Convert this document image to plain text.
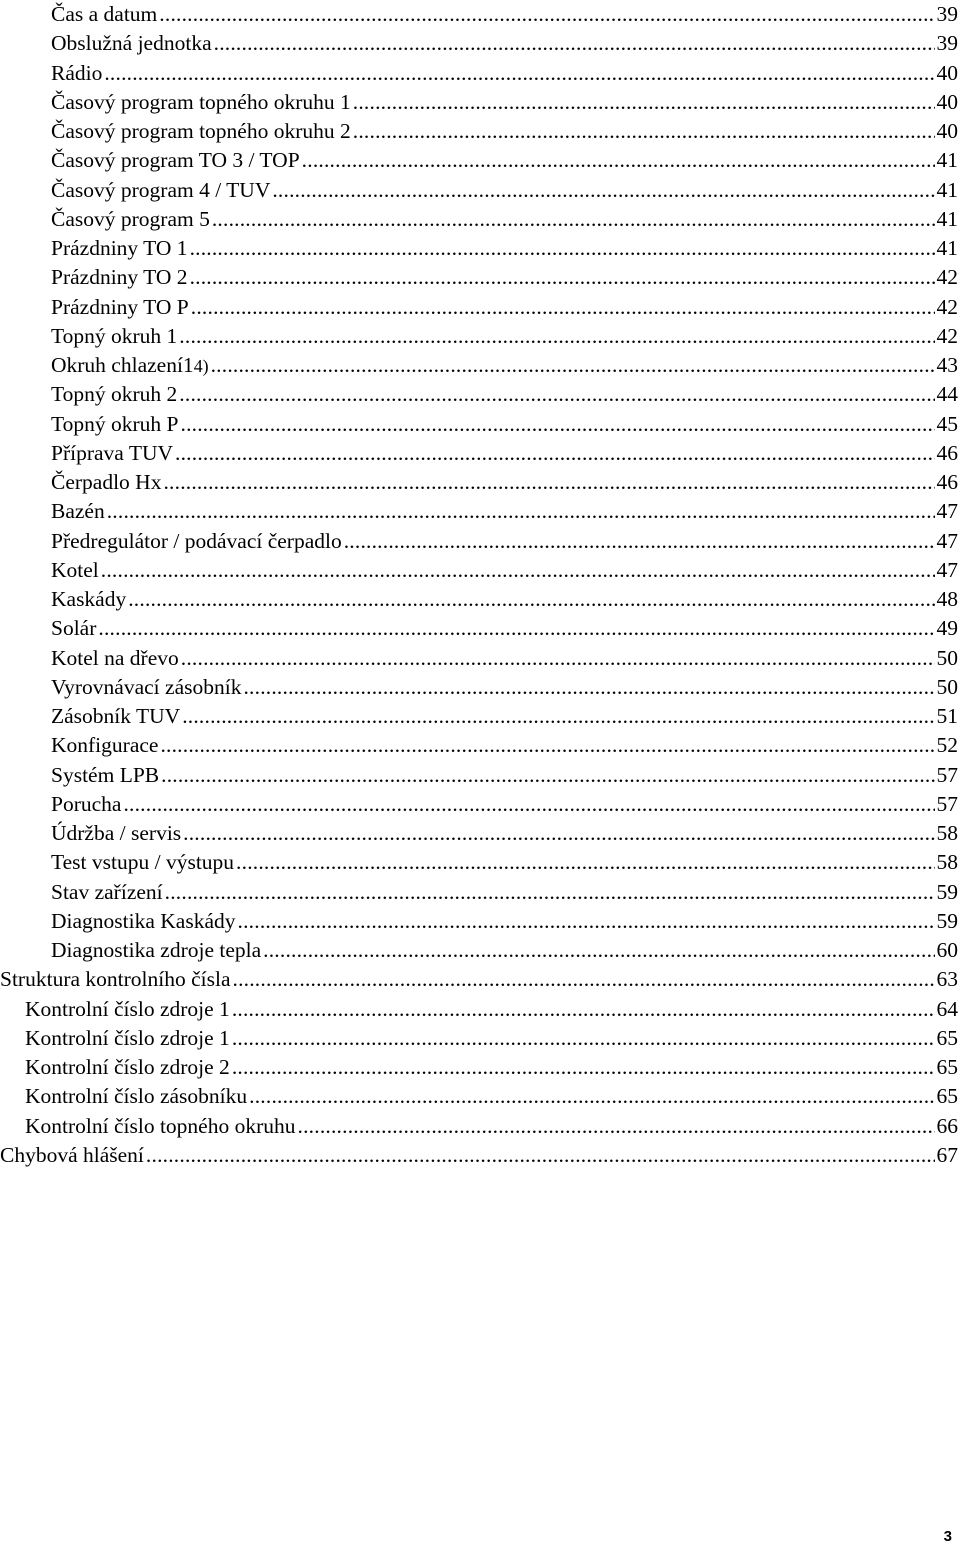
Čas a datum .....	39
Obslužná jednotka .....	39
Rádio .....	40
Časový program topného okruhu 1 .....	40
Časový program topného okruhu 2 .....	40
Časový program TO 3 / TOP .....	41
Časový program 4 / TUV .....	41
Časový program 5 .....	41
Prázdniny TO 1 .....	41
Prázdniny TO 2 .....	42
Prázdniny TO P .....	42
Topný okruh 1 .....	42
Okruh chlazení1 4) .....	43
Topný okruh 2 .....	44
Topný okruh P .....	45
Příprava TUV .....	46
Čerpadlo Hx .....	46
Bazén .....	47
Předregulátor / podávací čerpadlo .....	47
Kotel .....	47
Kaskády .....	48
Solár .....	49
Kotel na dřevo .....	50
Vyrovnávací zásobník .....	50
Zásobník TUV .....	51
Konfigurace .....	52
Systém LPB .....	57
Porucha .....	57
Údržba / servis .....	58
Test vstupu / výstupu .....	58
Stav zařízení .....	59
Diagnostika Kaskády .....	59
Diagnostika zdroje tepla .....	60
Struktura kontrolního čísla .....	63
Kontrolní číslo zdroje 1 .....	64
Kontrolní číslo zdroje 1 .....	65
Kontrolní číslo zdroje 2 .....	65
Kontrolní číslo zásobníku .....	65
Kontrolní číslo topného okruhu .....	66
Chybová hlášení .....	67
3
